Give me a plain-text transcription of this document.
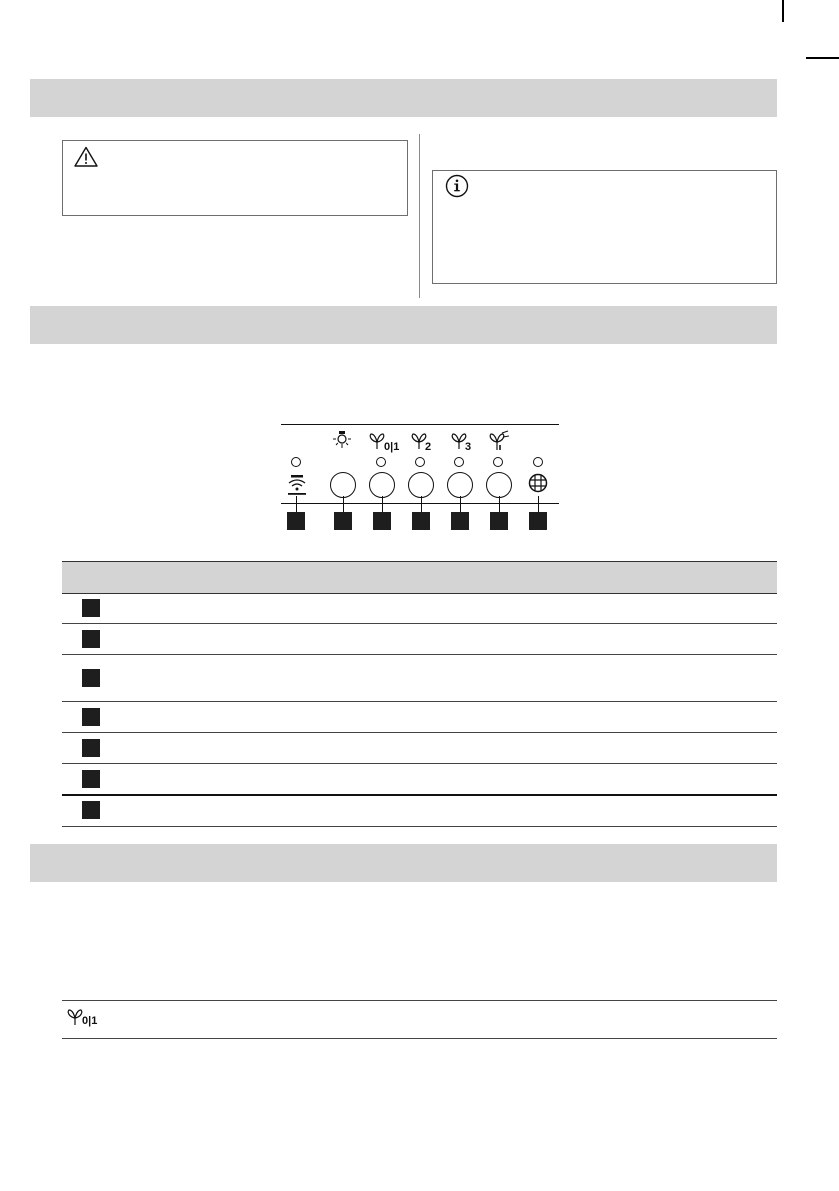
0|1 2	3
0|1
